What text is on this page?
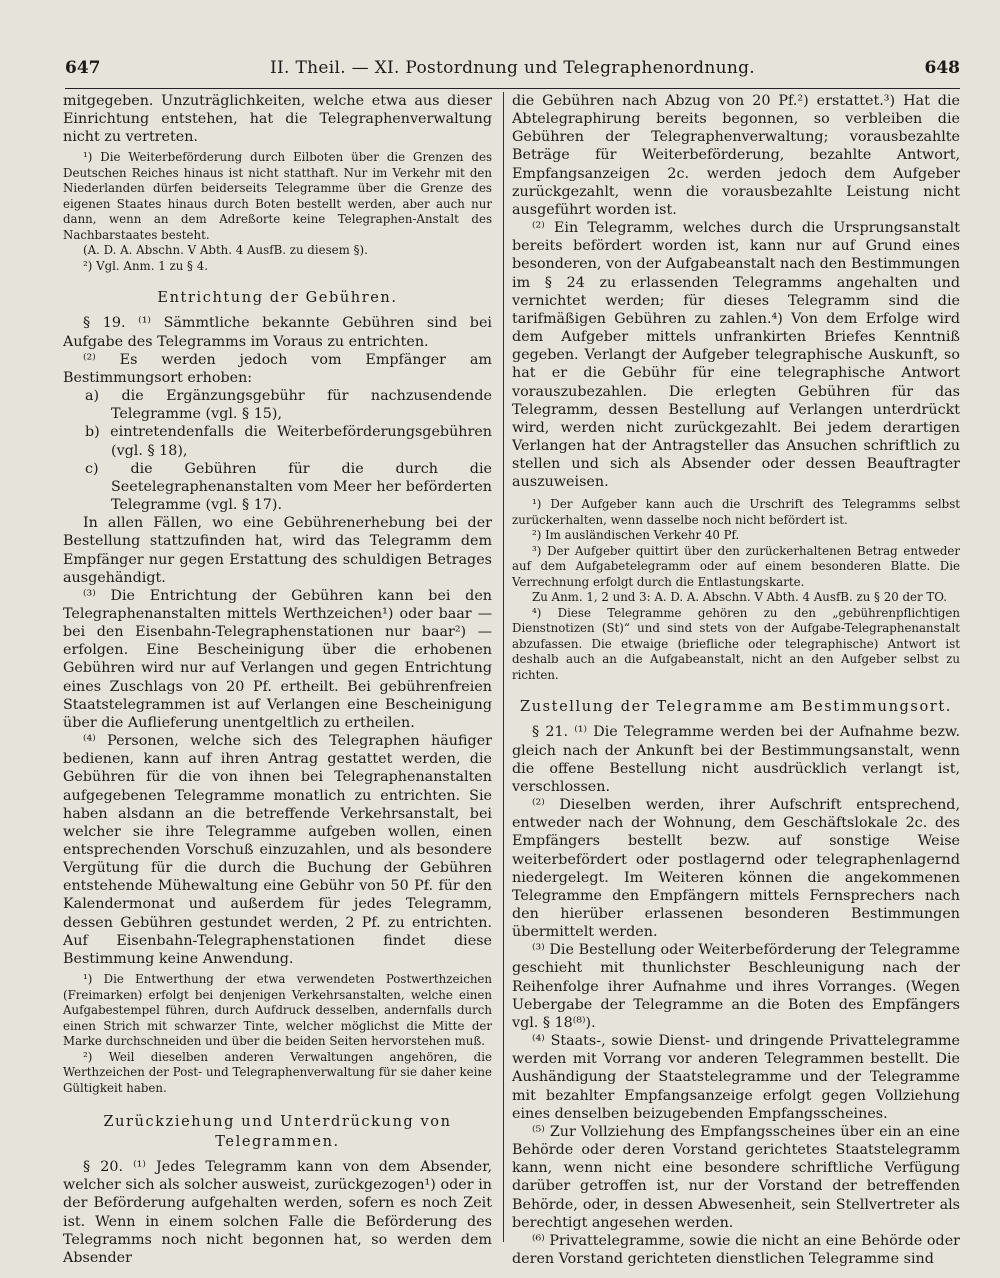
647	II. Theil. — XI. Postordnung und Telegraphenordnung.	648

mitgegeben. Unzuträglichkeiten, welche etwa aus dieser Einrichtung entstehen, hat die Telegraphenverwaltung nicht zu vertreten.

¹) Die Weiterbeförderung durch Eilboten über die Grenzen des Deutschen Reiches hinaus ist nicht statthaft. Nur im Verkehr mit den Niederlanden dürfen beiderseits Telegramme über die Grenze des eigenen Staates hinaus durch Boten bestellt werden, aber auch nur dann, wenn an dem Adreßorte keine Telegraphen-Anstalt des Nachbarstaates besteht.

(A. D. A. Abschn. V Abth. 4 AusfB. zu diesem §).

²) Vgl. Anm. 1 zu § 4.

Entrichtung der Gebühren.

§ 19. ⁽¹⁾ Sämmtliche bekannte Gebühren sind bei Aufgabe des Telegramms im Voraus zu entrichten.

⁽²⁾ Es werden jedoch vom Empfänger am Bestimmungsort erhoben:

a) die Ergänzungsgebühr für nachzusendende Telegramme (vgl. § 15),

b) eintretendenfalls die Weiterbeförderungsgebühren (vgl. § 18),

c) die Gebühren für die durch die Seetelegraphenanstalten vom Meer her beförderten Telegramme (vgl. § 17).

In allen Fällen, wo eine Gebührenerhebung bei der Bestellung stattzufinden hat, wird das Telegramm dem Empfänger nur gegen Erstattung des schuldigen Betrages ausgehändigt.

⁽³⁾ Die Entrichtung der Gebühren kann bei den Telegraphenanstalten mittels Werthzeichen¹) oder baar — bei den Eisenbahn-Telegraphenstationen nur baar²) — erfolgen. Eine Bescheinigung über die erhobenen Gebühren wird nur auf Verlangen und gegen Entrichtung eines Zuschlags von 20 Pf. ertheilt. Bei gebührenfreien Staatstelegrammen ist auf Verlangen eine Bescheinigung über die Auflieferung unentgeltlich zu ertheilen.

⁽⁴⁾ Personen, welche sich des Telegraphen häufiger bedienen, kann auf ihren Antrag gestattet werden, die Gebühren für die von ihnen bei Telegraphenanstalten aufgegebenen Telegramme monatlich zu entrichten. Sie haben alsdann an die betreffende Verkehrsanstalt, bei welcher sie ihre Telegramme aufgeben wollen, einen entsprechenden Vorschuß einzuzahlen, und als besondere Vergütung für die durch die Buchung der Gebühren entstehende Mühewaltung eine Gebühr von 50 Pf. für den Kalendermonat und außerdem für jedes Telegramm, dessen Gebühren gestundet werden, 2 Pf. zu entrichten. Auf Eisenbahn-Telegraphenstationen findet diese Bestimmung keine Anwendung.

¹) Die Entwerthung der etwa verwendeten Postwerthzeichen (Freimarken) erfolgt bei denjenigen Verkehrsanstalten, welche einen Aufgabestempel führen, durch Aufdruck desselben, andernfalls durch einen Strich mit schwarzer Tinte, welcher möglichst die Mitte der Marke durchschneiden und über die beiden Seiten hervorstehen muß.

²) Weil dieselben anderen Verwaltungen angehören, die Werthzeichen der Post- und Telegraphenverwaltung für sie daher keine Gültigkeit haben.

Zurückziehung und Unterdrückung von Telegrammen.

§ 20. ⁽¹⁾ Jedes Telegramm kann von dem Absender, welcher sich als solcher ausweist, zurückgezogen¹) oder in der Beförderung aufgehalten werden, sofern es noch Zeit ist. Wenn in einem solchen Falle die Beförderung des Telegramms noch nicht begonnen hat, so werden dem Absender

die Gebühren nach Abzug von 20 Pf.²) erstattet.³) Hat die Abtelegraphirung bereits begonnen, so verbleiben die Gebühren der Telegraphenverwaltung; vorausbezahlte Beträge für Weiterbeförderung, bezahlte Antwort, Empfangsanzeigen 2c. werden jedoch dem Aufgeber zurückgezahlt, wenn die vorausbezahlte Leistung nicht ausgeführt worden ist.

⁽²⁾ Ein Telegramm, welches durch die Ursprungsanstalt bereits befördert worden ist, kann nur auf Grund eines besonderen, von der Aufgabeanstalt nach den Bestimmungen im § 24 zu erlassenden Telegramms angehalten und vernichtet werden; für dieses Telegramm sind die tarifmäßigen Gebühren zu zahlen.⁴) Von dem Erfolge wird dem Aufgeber mittels unfrankirten Briefes Kenntniß gegeben. Verlangt der Aufgeber telegraphische Auskunft, so hat er die Gebühr für eine telegraphische Antwort vorauszubezahlen. Die erlegten Gebühren für das Telegramm, dessen Bestellung auf Verlangen unterdrückt wird, werden nicht zurückgezahlt. Bei jedem derartigen Verlangen hat der Antragsteller das Ansuchen schriftlich zu stellen und sich als Absender oder dessen Beauftragter auszuweisen.

¹) Der Aufgeber kann auch die Urschrift des Telegramms selbst zurückerhalten, wenn dasselbe noch nicht befördert ist.

²) Im ausländischen Verkehr 40 Pf.

³) Der Aufgeber quittirt über den zurückerhaltenen Betrag entweder auf dem Aufgabetelegramm oder auf einem besonderen Blatte. Die Verrechnung erfolgt durch die Entlastungskarte.

Zu Anm. 1, 2 und 3: A. D. A. Abschn. V Abth. 4 AusfB. zu § 20 der TO.

⁴) Diese Telegramme gehören zu den „gebührenpflichtigen Dienstnotizen (St)“ und sind stets von der Aufgabe-Telegraphenanstalt abzufassen. Die etwaige (briefliche oder telegraphische) Antwort ist deshalb auch an die Aufgabeanstalt, nicht an den Aufgeber selbst zu richten.

Zustellung der Telegramme am Bestimmungsort.

§ 21. ⁽¹⁾ Die Telegramme werden bei der Aufnahme bezw. gleich nach der Ankunft bei der Bestimmungsanstalt, wenn die offene Bestellung nicht ausdrücklich verlangt ist, verschlossen.

⁽²⁾ Dieselben werden, ihrer Aufschrift entsprechend, entweder nach der Wohnung, dem Geschäftslokale 2c. des Empfängers bestellt bezw. auf sonstige Weise weiterbefördert oder postlagernd oder telegraphenlagernd niedergelegt. Im Weiteren können die angekommenen Telegramme den Empfängern mittels Fernsprechers nach den hierüber erlassenen besonderen Bestimmungen übermittelt werden.

⁽³⁾ Die Bestellung oder Weiterbeförderung der Telegramme geschieht mit thunlichster Beschleunigung nach der Reihenfolge ihrer Aufnahme und ihres Vorranges. (Wegen Uebergabe der Telegramme an die Boten des Empfängers vgl. § 18⁽⁸⁾).

⁽⁴⁾ Staats-, sowie Dienst- und dringende Privattelegramme werden mit Vorrang vor anderen Telegrammen bestellt. Die Aushändigung der Staatstelegramme und der Telegramme mit bezahlter Empfangsanzeige erfolgt gegen Vollziehung eines denselben beizugebenden Empfangsscheines.

⁽⁵⁾ Zur Vollziehung des Empfangsscheines über ein an eine Behörde oder deren Vorstand gerichtetes Staatstelegramm kann, wenn nicht eine besondere schriftliche Verfügung darüber getroffen ist, nur der Vorstand der betreffenden Behörde, oder, in dessen Abwesenheit, sein Stellvertreter als berechtigt angesehen werden.

⁽⁶⁾ Privattelegramme, sowie die nicht an eine Behörde oder deren Vorstand gerichteten dienstlichen Telegramme sind
